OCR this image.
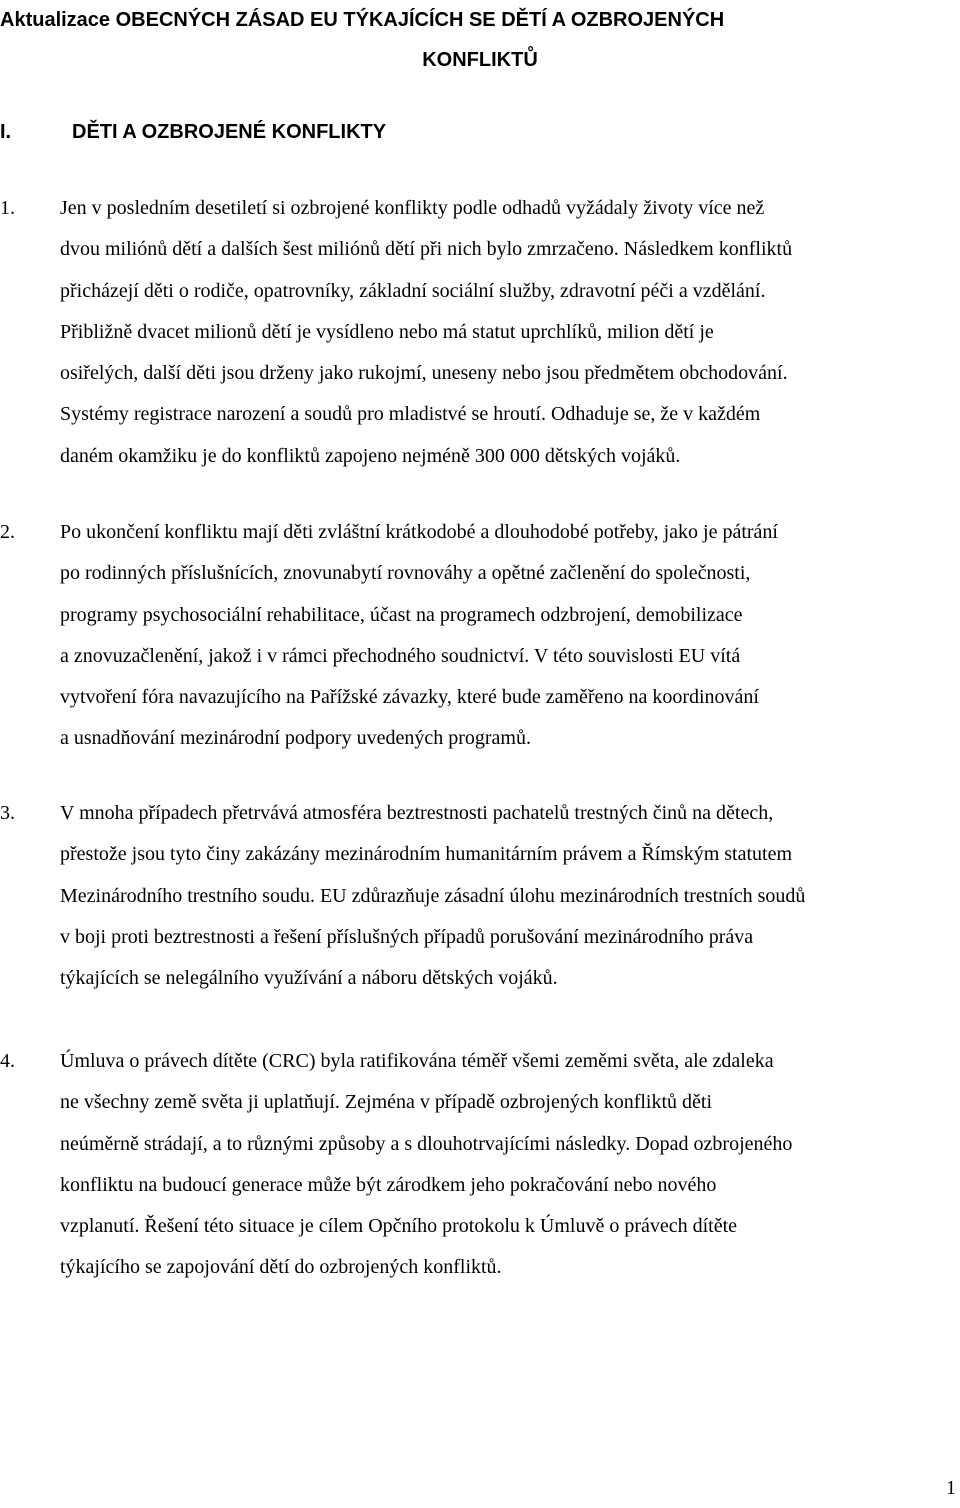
Aktualizace OBECNÝCH ZÁSAD EU TÝKAJÍCÍCH SE DĚTÍ A OZBROJENÝCH
KONFLIKTŮ
I.	DĚTI A OZBROJENÉ KONFLIKTY
1. Jen v posledním desetiletí si ozbrojené konflikty podle odhadů vyžádaly životy více než
dvou miliónů dětí a dalších šest miliónů dětí při nich bylo zmrzačeno. Následkem konfliktů
přicházejí děti o rodiče, opatrovníky, základní sociální služby, zdravotní péči a vzdělání.
Přibližně dvacet milionů dětí je vysídleno nebo má statut uprchlíků, milion dětí je
osiřelých, další děti jsou drženy jako rukojmí, uneseny nebo jsou předmětem obchodování.
Systémy registrace narození a soudů pro mladistvé se hroutí. Odhaduje se, že v každém
daném okamžiku je do konfliktů zapojeno nejméně 300 000 dětských vojáků.
2. Po ukončení konfliktu mají děti zvláštní krátkodobé a dlouhodobé potřeby, jako je pátrání
po rodinných příslušnících, znovunabytí rovnováhy a opětné začlenění do společnosti,
programy psychosociální rehabilitace, účast na programech odzbrojení, demobilizace
a znovuzačlenění, jakož i v rámci přechodného soudnictví. V této souvislosti EU vítá
vytvoření fóra navazujícího na Pařížské závazky, které bude zaměřeno na koordinování
a usnadňování mezinárodní podpory uvedených programů.
3. V mnoha případech přetrvává atmosféra beztrestnosti pachatelů trestných činů na dětech,
přestože jsou tyto činy zakázány mezinárodním humanitárním právem a Římským statutem
Mezinárodního trestního soudu. EU zdůrazňuje zásadní úlohu mezinárodních trestních soudů
v boji proti beztrestnosti a řešení příslušných případů porušování mezinárodního práva
týkajících se nelegálního využívání a náboru dětských vojáků.
4. Úmluva o právech dítěte (CRC) byla ratifikována téměř všemi zeměmi světa, ale zdaleka
ne všechny země světa ji uplatňují. Zejména v případě ozbrojených konfliktů děti
neúměrně strádají, a to různými způsoby a s dlouhotrvajícími následky. Dopad ozbrojeného
konfliktu na budoucí generace může být zárodkem jeho pokračování nebo nového
vzplanutí. Řešení této situace je cílem Opčního protokolu k Úmluvě o právech dítěte
týkajícího se zapojování dětí do ozbrojených konfliktů.
1
